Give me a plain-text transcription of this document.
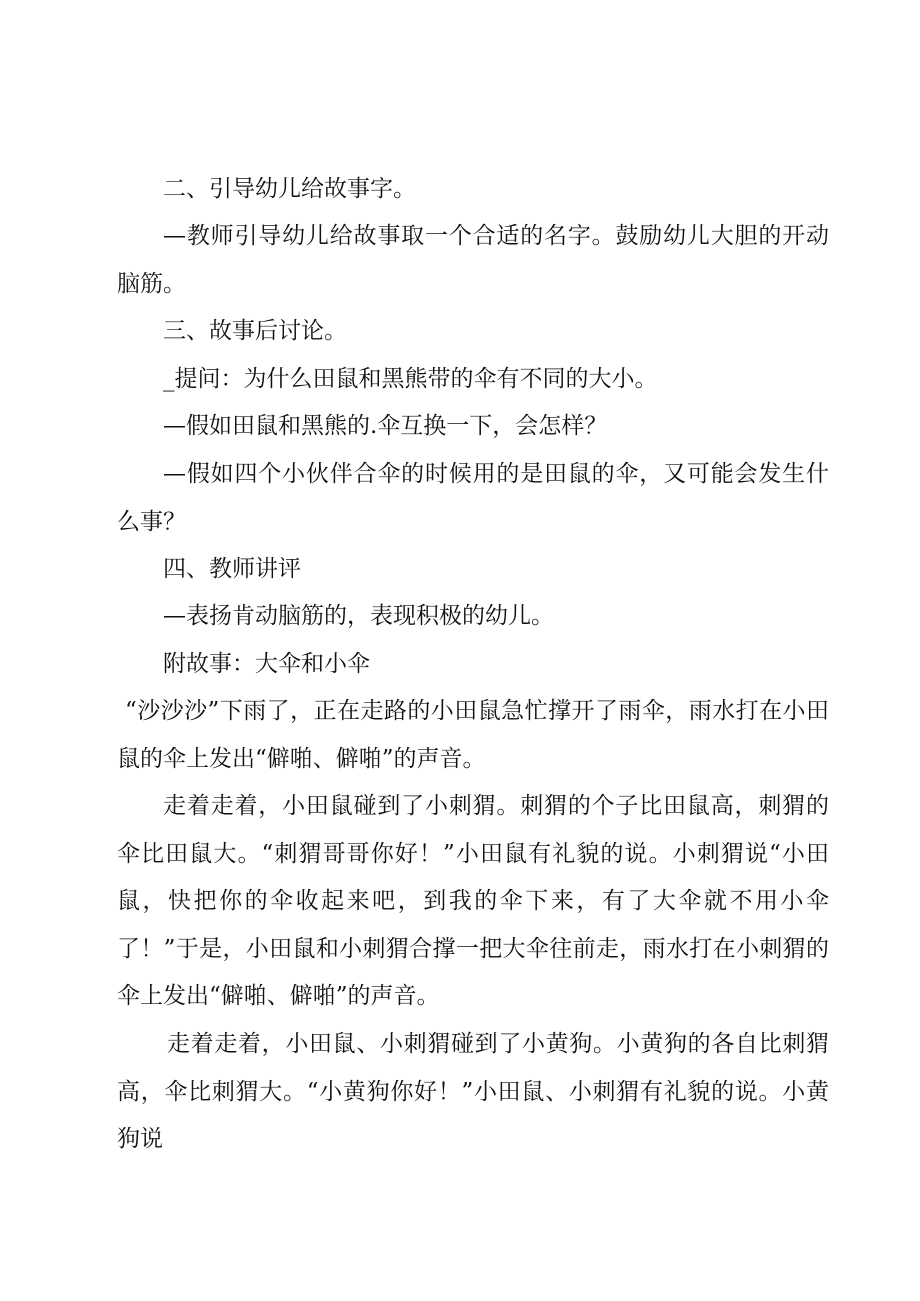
二、引导幼儿给故事字。

—教师引导幼儿给故事取一个合适的名字。鼓励幼儿大胆的开动脑筋。

三、故事后讨论。

_提问：为什么田鼠和黑熊带的伞有不同的大小。

—假如田鼠和黑熊的.伞互换一下，会怎样？

—假如四个小伙伴合伞的时候用的是田鼠的伞，又可能会发生什么事？

四、教师讲评

—表扬肯动脑筋的，表现积极的幼儿。

附故事：大伞和小伞

“沙沙沙”下雨了，正在走路的小田鼠急忙撑开了雨伞，雨水打在小田鼠的伞上发出“僻啪、僻啪”的声音。

走着走着，小田鼠碰到了小刺猬。刺猬的个子比田鼠高，刺猬的伞比田鼠大。“刺猬哥哥你好！”小田鼠有礼貌的说。小刺猬说“小田鼠，快把你的伞收起来吧，到我的伞下来，有了大伞就不用小伞了！”于是，小田鼠和小刺猬合撑一把大伞往前走，雨水打在小刺猬的伞上发出“僻啪、僻啪”的声音。

走着走着，小田鼠、小刺猬碰到了小黄狗。小黄狗的各自比刺猬高，伞比刺猬大。“小黄狗你好！”小田鼠、小刺猬有礼貌的说。小黄狗说
